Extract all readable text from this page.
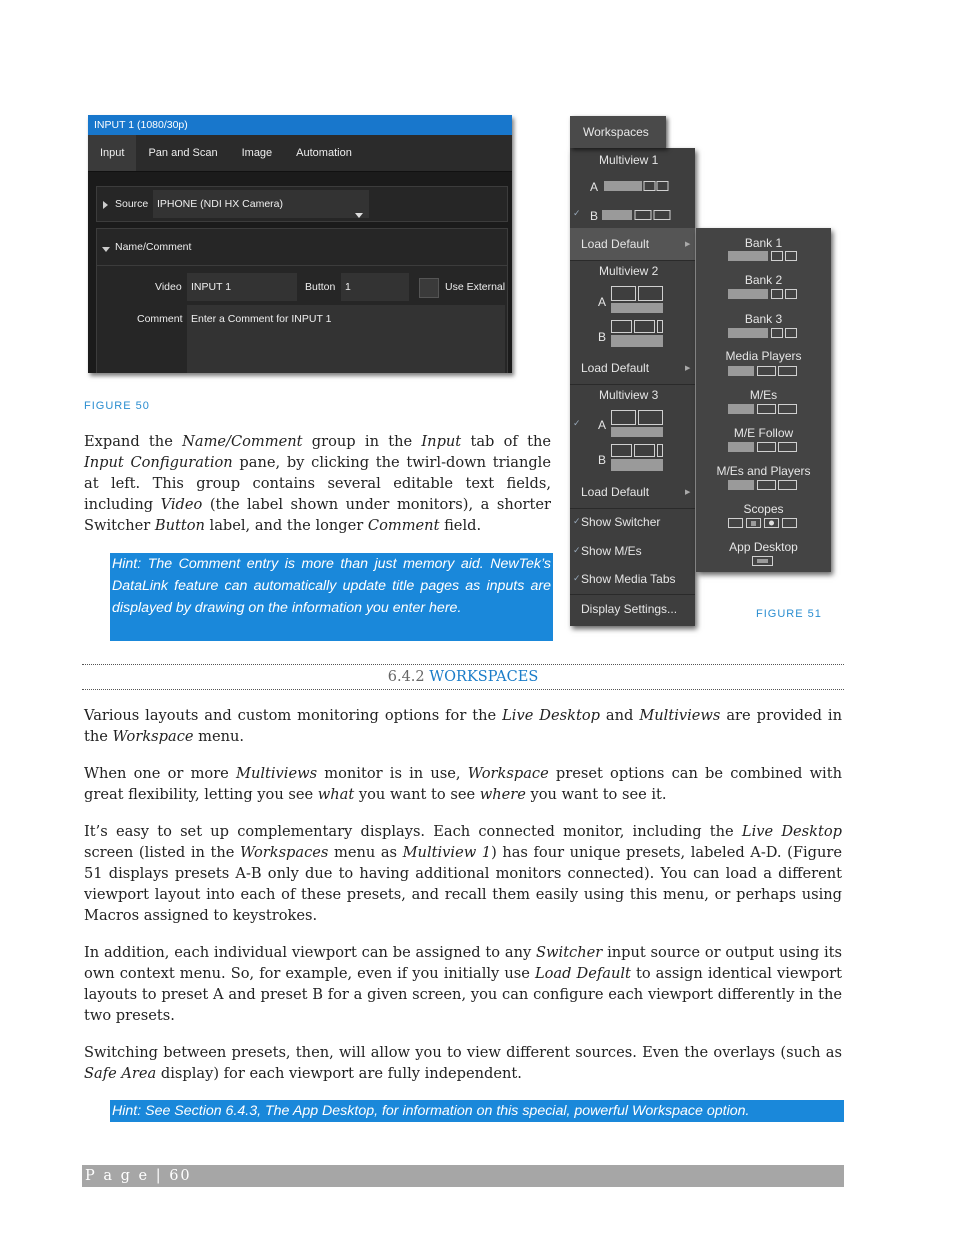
INPUT 1 (1080/30p)
Input	Pan and Scan	Image	Automation
Source IPHONE (NDI HX Camera)
Name/Comment
Video INPUT 1	Button 1	Use External
Comment Enter a Comment for INPUT 1
FIGURE 50
Multiview 1
A
✓ B
Load Default	▶
Multiview 2
A
B
Load Default	▶
Multiview 3
✓ A
B
Load Default	▶
✓ Show Switcher
✓ Show M/Es
✓ Show Media Tabs
Display Settings...
Workspaces
Bank 1
Bank 2
Bank 3
Media Players
M/Es
M/E Follow
M/Es and Players
Scopes
App Desktop
FIGURE 51
Expand the Name/Comment group in the Input tab of the Input Configuration pane, by clicking the twirl-down triangle at left. This group contains several editable text fields, including Video (the label shown under monitors), a shorter Switcher Button label, and the longer Comment field.
Hint: The Comment entry is more than just memory aid. NewTek’s DataLink feature can automatically update title pages as inputs are displayed by drawing on the information you enter here.
6.4.2 WORKSPACES
Various layouts and custom monitoring options for the Live Desktop and Multiviews are provided in the Workspace menu.
When one or more Multiviews monitor is in use, Workspace preset options can be combined with great flexibility, letting you see what you want to see where you want to see it.
It’s easy to set up complementary displays. Each connected monitor, including the Live Desktop screen (listed in the Workspaces menu as Multiview 1) has four unique presets, labeled A-D. (Figure 51 displays presets A-B only due to having additional monitors connected). You can load a different viewport layout into each of these presets, and recall them easily using this menu, or perhaps using Macros assigned to keystrokes.
In addition, each individual viewport can be assigned to any Switcher input source or output using its own context menu. So, for example, even if you initially use Load Default to assign identical viewport layouts to preset A and preset B for a given screen, you can configure each viewport differently in the two presets.
Switching between presets, then, will allow you to view different sources. Even the overlays (such as Safe Area display) for each viewport are fully independent.
Hint: See Section 6.4.3, The App Desktop, for information on this special, powerful Workspace option.
P a g e | 60
